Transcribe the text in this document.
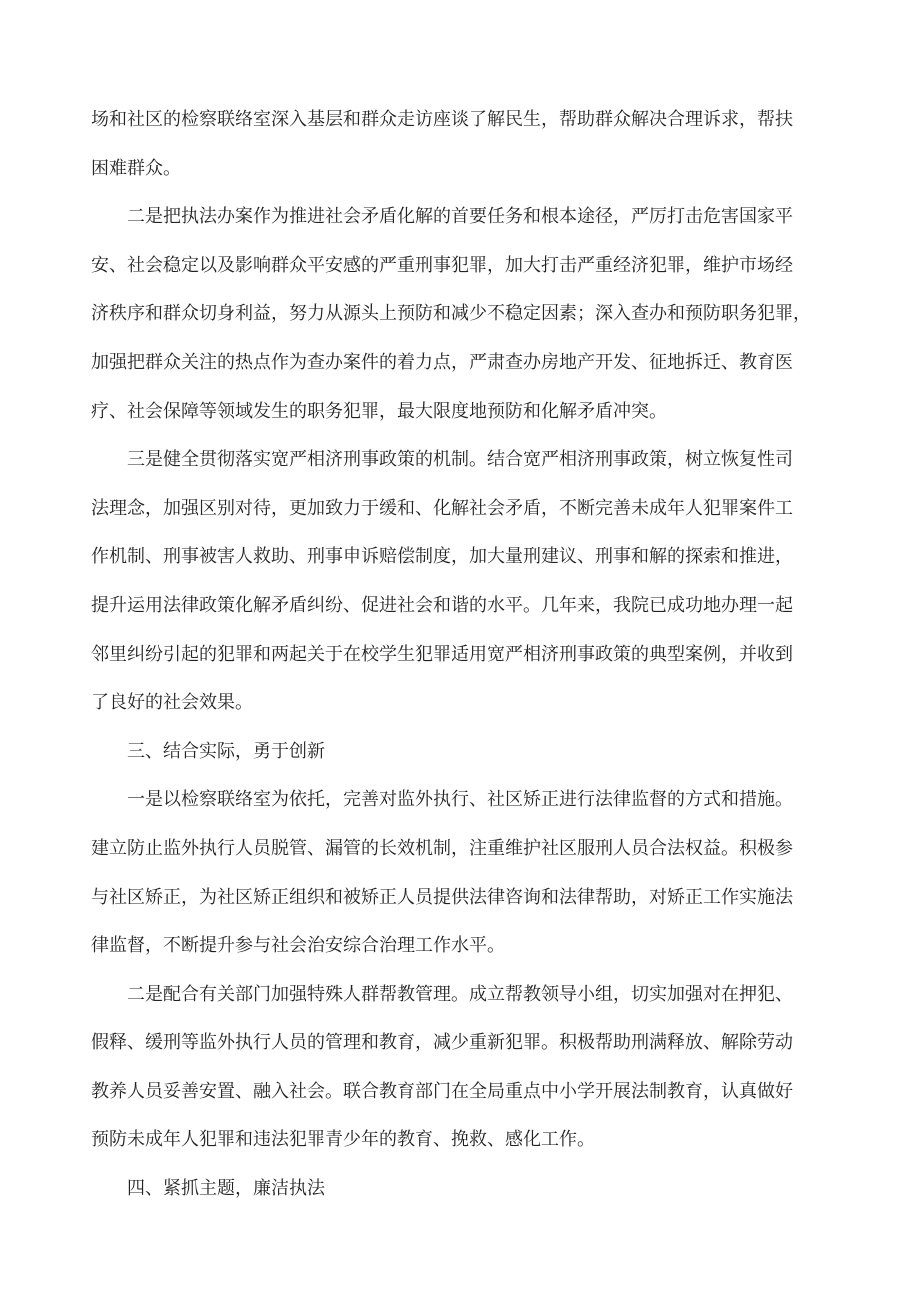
场和社区的检察联络室深入基层和群众走访座谈了解民生，帮助群众解决合理诉求，帮扶
困难群众。
二是把执法办案作为推进社会矛盾化解的首要任务和根本途径，严厉打击危害国家平
安、社会稳定以及影响群众平安感的严重刑事犯罪，加大打击严重经济犯罪，维护市场经
济秩序和群众切身利益，努力从源头上预防和减少不稳定因素；深入查办和预防职务犯罪，
加强把群众关注的热点作为查办案件的着力点，严肃查办房地产开发、征地拆迁、教育医
疗、社会保障等领域发生的职务犯罪，最大限度地预防和化解矛盾冲突。
三是健全贯彻落实宽严相济刑事政策的机制。结合宽严相济刑事政策，树立恢复性司
法理念，加强区别对待，更加致力于缓和、化解社会矛盾，不断完善未成年人犯罪案件工
作机制、刑事被害人救助、刑事申诉赔偿制度，加大量刑建议、刑事和解的探索和推进，
提升运用法律政策化解矛盾纠纷、促进社会和谐的水平。几年来，我院已成功地办理一起
邻里纠纷引起的犯罪和两起关于在校学生犯罪适用宽严相济刑事政策的典型案例，并收到
了良好的社会效果。
三、结合实际，勇于创新
一是以检察联络室为依托，完善对监外执行、社区矫正进行法律监督的方式和措施。
建立防止监外执行人员脱管、漏管的长效机制，注重维护社区服刑人员合法权益。积极参
与社区矫正，为社区矫正组织和被矫正人员提供法律咨询和法律帮助，对矫正工作实施法
律监督，不断提升参与社会治安综合治理工作水平。
二是配合有关部门加强特殊人群帮教管理。成立帮教领导小组，切实加强对在押犯、
假释、缓刑等监外执行人员的管理和教育，减少重新犯罪。积极帮助刑满释放、解除劳动
教养人员妥善安置、融入社会。联合教育部门在全局重点中小学开展法制教育，认真做好
预防未成年人犯罪和违法犯罪青少年的教育、挽救、感化工作。
四、紧抓主题，廉洁执法
